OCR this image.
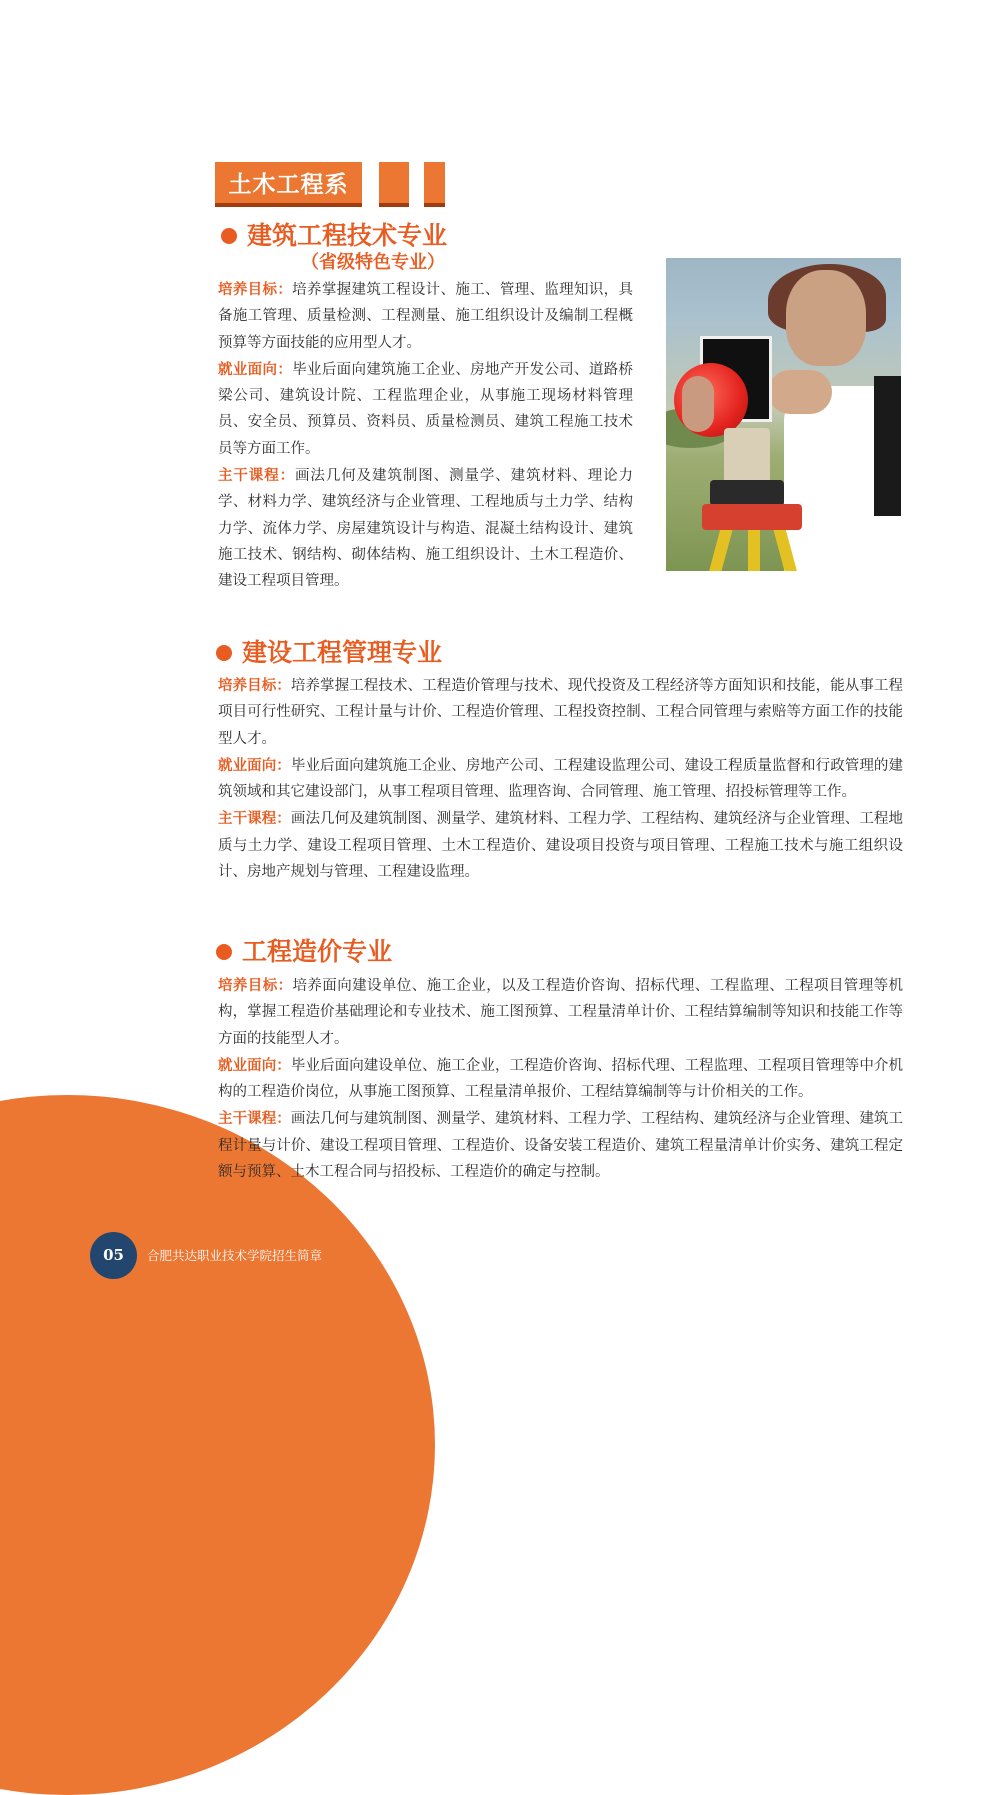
土木工程系
建筑工程技术专业
（省级特色专业）

培养目标：培养掌握建筑工程设计、施工、管理、监理知识，具备施工管理、质量检测、工程测量、施工组织设计及编制工程概预算等方面技能的应用型人才。

就业面向：毕业后面向建筑施工企业、房地产开发公司、道路桥梁公司、建筑设计院、工程监理企业，从事施工现场材料管理员、安全员、预算员、资料员、质量检测员、建筑工程施工技术员等方面工作。

主干课程：画法几何及建筑制图、测量学、建筑材料、理论力学、材料力学、建筑经济与企业管理、工程地质与土力学、结构力学、流体力学、房屋建筑设计与构造、混凝土结构设计、建筑施工技术、钢结构、砌体结构、施工组织设计、土木工程造价、建设工程项目管理。

建设工程管理专业

培养目标：培养掌握工程技术、工程造价管理与技术、现代投资及工程经济等方面知识和技能，能从事工程项目可行性研究、工程计量与计价、工程造价管理、工程投资控制、工程合同管理与索赔等方面工作的技能型人才。

就业面向：毕业后面向建筑施工企业、房地产公司、工程建设监理公司、建设工程质量监督和行政管理的建筑领域和其它建设部门，从事工程项目管理、监理咨询、合同管理、施工管理、招投标管理等工作。

主干课程：画法几何及建筑制图、测量学、建筑材料、工程力学、工程结构、建筑经济与企业管理、工程地质与土力学、建设工程项目管理、土木工程造价、建设项目投资与项目管理、工程施工技术与施工组织设计、房地产规划与管理、工程建设监理。

工程造价专业

培养目标：培养面向建设单位、施工企业，以及工程造价咨询、招标代理、工程监理、工程项目管理等机构，掌握工程造价基础理论和专业技术、施工图预算、工程量清单计价、工程结算编制等知识和技能工作等方面的技能型人才。

就业面向：毕业后面向建设单位、施工企业，工程造价咨询、招标代理、工程监理、工程项目管理等中介机构的工程造价岗位，从事施工图预算、工程量清单报价、工程结算编制等与计价相关的工作。

主干课程：画法几何与建筑制图、测量学、建筑材料、工程力学、工程结构、建筑经济与企业管理、建筑工程计量与计价、建设工程项目管理、工程造价、设备安装工程造价、建筑工程量清单计价实务、建筑工程定额与预算、土木工程合同与招投标、工程造价的确定与控制。

05	合肥共达职业技术学院招生简章
